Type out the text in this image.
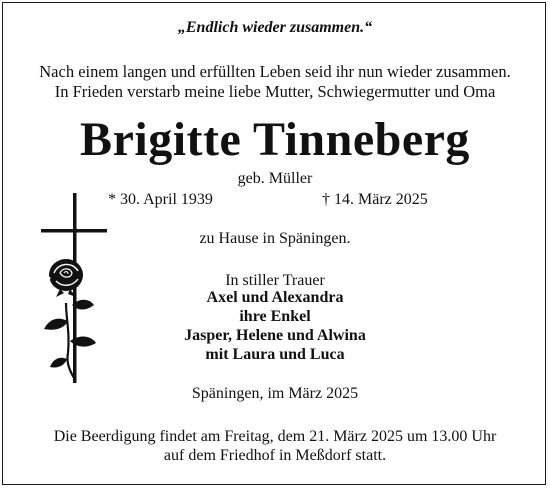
„Endlich wieder zusammen.“
Nach einem langen und erfüllten Leben seid ihr nun wieder zusammen.
In Frieden verstarb meine liebe Mutter, Schwiegermutter und Oma
Brigitte Tinneberg
geb. Müller
* 30. April 1939	† 14. März 2025
zu Hause in Späningen.
In stiller Trauer
Axel und Alexandra
ihre Enkel
Jasper, Helene und Alwina
mit Laura und Luca
Späningen, im März 2025
Die Beerdigung findet am Freitag, dem 21. März 2025 um 13.00 Uhr
auf dem Friedhof in Meßdorf statt.
